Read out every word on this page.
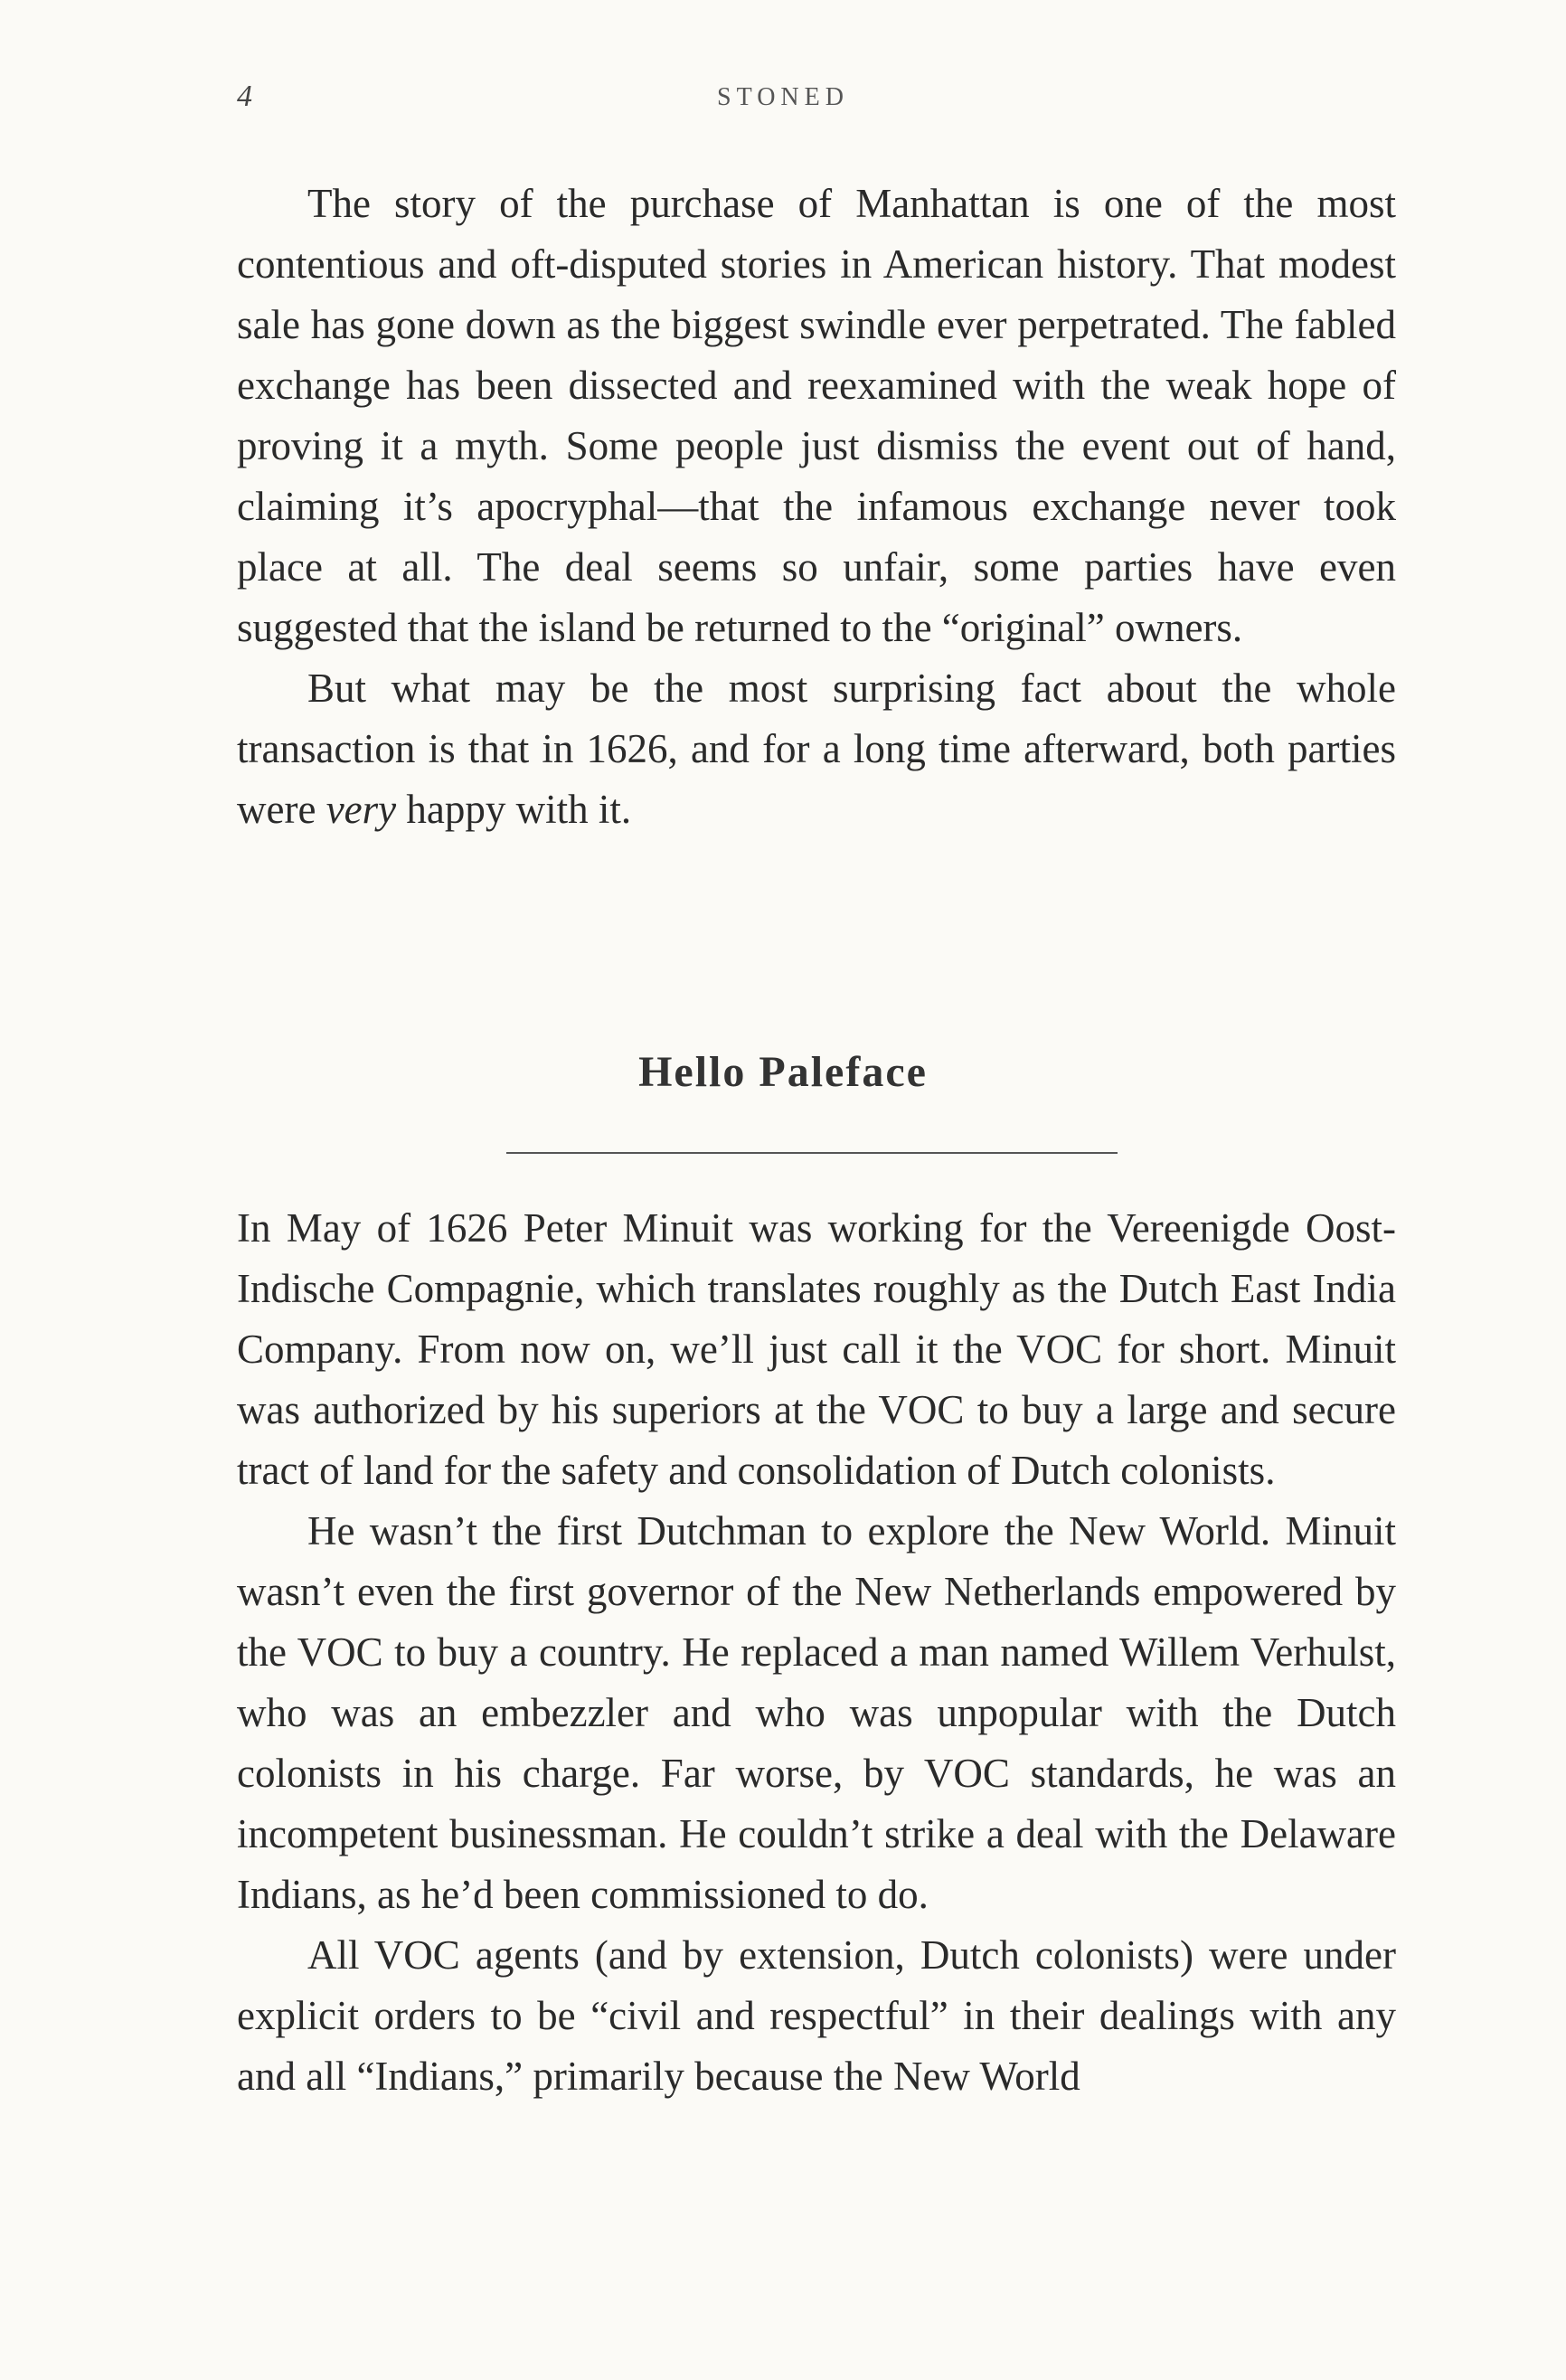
4	STONED

The story of the purchase of Manhattan is one of the most contentious and oft-disputed stories in American history. That modest sale has gone down as the biggest swindle ever perpetrated. The fabled exchange has been dissected and reexamined with the weak hope of proving it a myth. Some people just dismiss the event out of hand, claiming it’s apocryphal—that the infamous exchange never took place at all. The deal seems so unfair, some parties have even suggested that the island be returned to the “original” owners.

But what may be the most surprising fact about the whole transaction is that in 1626, and for a long time afterward, both parties were very happy with it.

Hello Paleface

In May of 1626 Peter Minuit was working for the Vereenigde Oost-Indische Compagnie, which translates roughly as the Dutch East India Company. From now on, we’ll just call it the VOC for short. Minuit was authorized by his superiors at the VOC to buy a large and secure tract of land for the safety and consolidation of Dutch colonists.

He wasn’t the first Dutchman to explore the New World. Minuit wasn’t even the first governor of the New Netherlands empowered by the VOC to buy a country. He replaced a man named Willem Verhulst, who was an embezzler and who was unpopular with the Dutch colonists in his charge. Far worse, by VOC standards, he was an incompetent businessman. He couldn’t strike a deal with the Delaware Indians, as he’d been commissioned to do.

All VOC agents (and by extension, Dutch colonists) were under explicit orders to be “civil and respectful” in their dealings with any and all “Indians,” primarily because the New World
